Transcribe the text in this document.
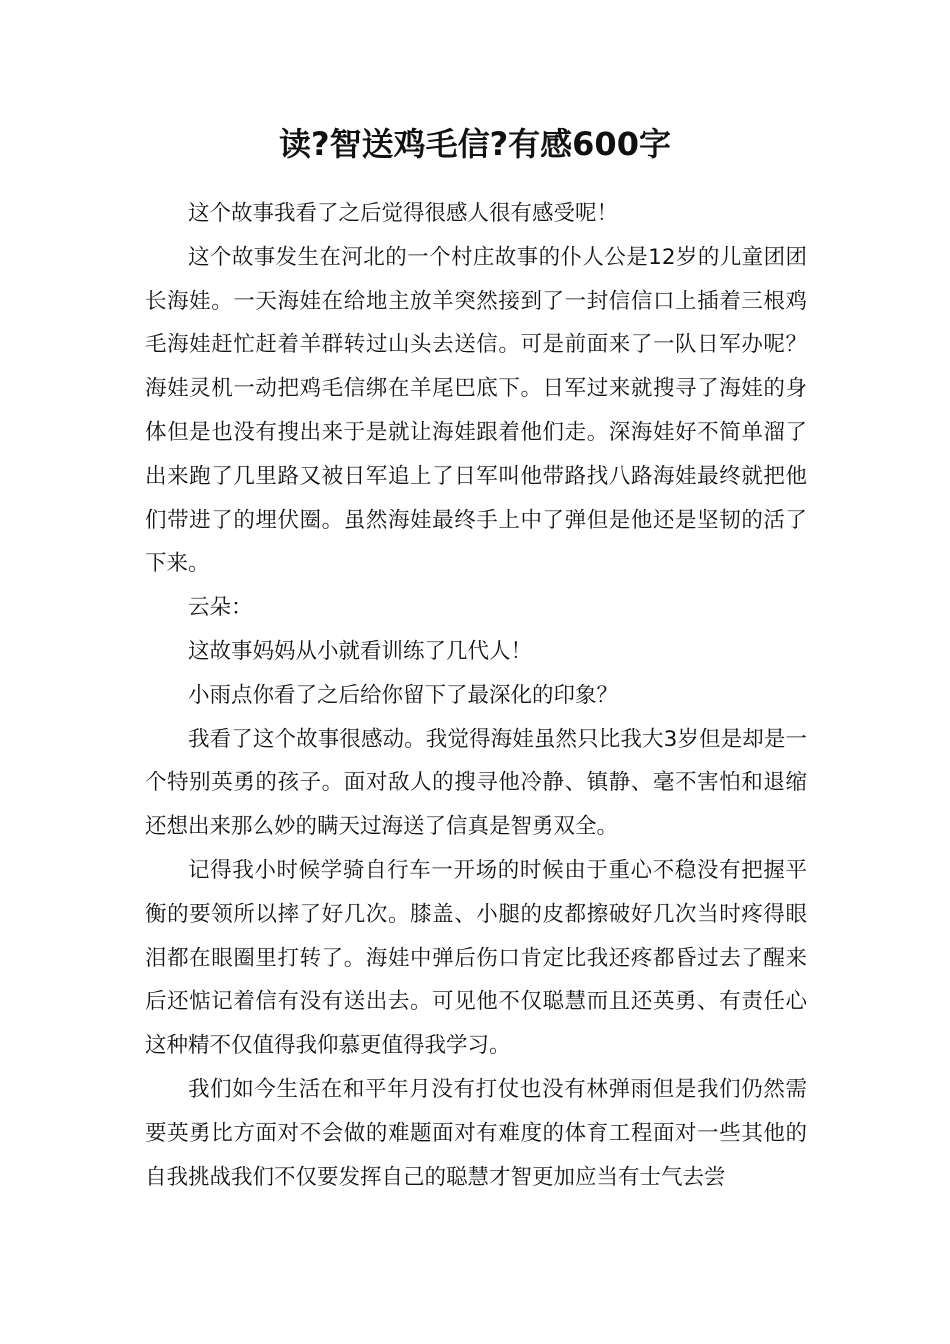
读?智送鸡毛信?有感600字

这个故事我看了之后觉得很感人很有感受呢！

这个故事发生在河北的一个村庄故事的仆人公是12岁的儿童团团长海娃。一天海娃在给地主放羊突然接到了一封信信口上插着三根鸡毛海娃赶忙赶着羊群转过山头去送信。可是前面来了一队日军办呢？海娃灵机一动把鸡毛信绑在羊尾巴底下。日军过来就搜寻了海娃的身体但是也没有搜出来于是就让海娃跟着他们走。深海娃好不简单溜了出来跑了几里路又被日军追上了日军叫他带路找八路海娃最终就把他们带进了的埋伏圈。虽然海娃最终手上中了弹但是他还是坚韧的活了下来。

云朵：

这故事妈妈从小就看训练了几代人！

小雨点你看了之后给你留下了最深化的印象？

我看了这个故事很感动。我觉得海娃虽然只比我大3岁但是却是一个特别英勇的孩子。面对敌人的搜寻他冷静、镇静、毫不害怕和退缩还想出来那么妙的瞒天过海送了信真是智勇双全。

记得我小时候学骑自行车一开场的时候由于重心不稳没有把握平衡的要领所以摔了好几次。膝盖、小腿的皮都擦破好几次当时疼得眼泪都在眼圈里打转了。海娃中弹后伤口肯定比我还疼都昏过去了醒来后还惦记着信有没有送出去。可见他不仅聪慧而且还英勇、有责任心这种精不仅值得我仰慕更值得我学习。

我们如今生活在和平年月没有打仗也没有林弹雨但是我们仍然需要英勇比方面对不会做的难题面对有难度的体育工程面对一些其他的自我挑战我们不仅要发挥自己的聪慧才智更加应当有士气去尝
